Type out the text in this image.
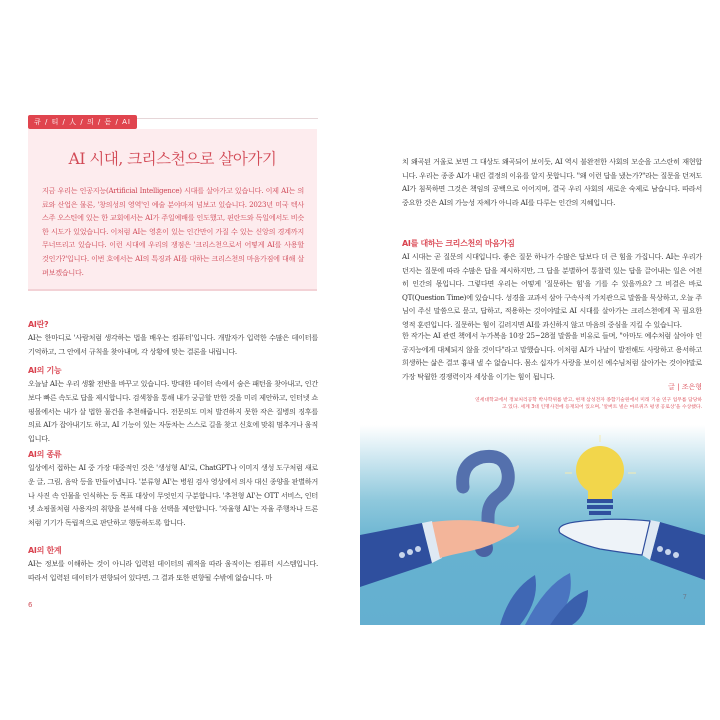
큐 / 티 / 人 / 의 / 돋 / AI
AI 시대, 크리스천으로 살아가기
지금 우리는 인공지능(Artificial Intelligence) 시대를 살아가고 있습니다. 이제 AI는 의료와 산업은 물론, '창의성의 영역'인 예술 분야마저 넘보고 있습니다. 2023년 미국 텍사스주 오스틴에 있는 한 교회에서는 AI가 주일예배를 인도했고, 핀란드와 독일에서도 비슷한 시도가 있었습니다. 이처럼 AI는 영혼이 있는 인간만이 가질 수 있는 신앙의 경계까지 무너뜨리고 있습니다. 이런 시대에 우리의 쟁점은 '크리스천으로서 어떻게 AI를 사용할 것인가?'입니다. 이번 호에서는 AI의 특징과 AI를 대하는 크리스천의 마음가짐에 대해 살펴보겠습니다.
AI란?
AI는 한마디로 '사람처럼 생각하는 법을 배우는 컴퓨터'입니다. 개발자가 입력한 수많은 데이터를 기억하고, 그 안에서 규칙을 찾아내며, 각 상황에 맞는 결론을 내립니다.
AI의 기능
오늘날 AI는 우리 생활 전반을 바꾸고 있습니다. 방대한 데이터 속에서 숨은 패턴을 찾아내고, 인간보다 빠른 속도로 답을 제시합니다. 검색창을 통해 내가 궁금할 만한 것을 미리 제안하고, 인터넷 쇼핑몰에서는 내가 살 법한 물건을 추천해줍니다. 전문의도 미처 발견하지 못한 작은 질병의 징후를 의료 AI가 잡아내기도 하고, AI 기능이 있는 자동차는 스스로 길을 찾고 신호에 맞춰 멈추거나 움직입니다.
AI의 종류
일상에서 접하는 AI 중 가장 대중적인 것은 '생성형 AI'로, ChatGPT나 이미지 생성 도구처럼 새로운 글, 그림, 음악 등을 만들어냅니다. '분류형 AI'는 병원 검사 영상에서 의사 대신 종양을 판별하거나 사진 속 인물을 인식하는 등 목표 대상이 무엇인지 구분합니다. '추천형 AI'는 OTT 서비스, 인터넷 쇼핑몰처럼 사용자의 취향을 분석해 다음 선택을 제안합니다. '자율형 AI'는 자율 주행차나 드론처럼 기기가 독립적으로 판단하고 행동하도록 합니다.
AI의 한계
AI는 정보를 이해하는 것이 아니라 입력된 데이터의 궤적을 따라 움직이는 컴퓨터 시스템입니다. 따라서 입력된 데이터가 편향되어 있다면, 그 결과 또한 편향될 수밖에 없습니다. 마
6
치 왜곡된 거울로 보면 그 대상도 왜곡되어 보이듯, AI 역시 불완전한 사회의 모순을 고스란히 재현합니다. 우리는 종종 AI가 내린 결정의 이유를 알지 못합니다. "왜 이런 답을 냈는가?"라는 질문을 던져도 AI가 침묵하면 그것은 책임의 공백으로 이어지며, 결국 우리 사회의 새로운 숙제로 남습니다. 따라서 중요한 것은 AI의 가능성 자체가 아니라 AI를 다루는 인간의 지혜입니다.
AI를 대하는 크리스천의 마음가짐
AI 시대는 곧 질문의 시대입니다. 좋은 질문 하나가 수많은 답보다 더 큰 힘을 가집니다. AI는 우리가 던지는 질문에 따라 수많은 답을 제시하지만, 그 답을 분별하여 통찰력 있는 답을 끌어내는 일은 여전히 인간의 몫입니다. 그렇다면 우리는 어떻게 '질문하는 힘'을 기를 수 있을까요? 그 비결은 바로 QT(Question Time)에 있습니다. 성경을 교과서 삼아 구속사적 가치관으로 말씀을 묵상하고, 오늘 주님이 주신 말씀으로 묻고, 답하고, 적용하는 것이야말로 AI 시대를 살아가는 크리스천에게 꼭 필요한 영적 훈련입니다. 질문하는 힘이 길러지면 AI를 과신하지 않고 마음의 중심을 지킬 수 있습니다.
한 작가는 AI 관련 책에서 누가복음 10장 25~28절 말씀을 비유로 들며, "아마도 예수처럼 살아야 인공지능에게 대체되지 않을 것이다"라고 말했습니다. 이처럼 AI가 나날이 발전해도 사랑하고 용서하고 희생하는 삶은 결코 흉내 낼 수 없습니다. 몸소 십자가 사랑을 보이신 예수님처럼 살아가는 것이야말로 가장 탁월한 경쟁력이자 세상을 이기는 힘이 됩니다.
글 | 조은형
연세대학교에서 정보처리공학 박사학위를 받고, 현재 삼성전자 종합기술원에서 미래 기술 연구 업무를 담당하고 있다. 세계 3대 인명사전에 등재되어 있으며, '알버트 넬슨 마르퀴즈 평생 공로상'을 수상했다.
7
